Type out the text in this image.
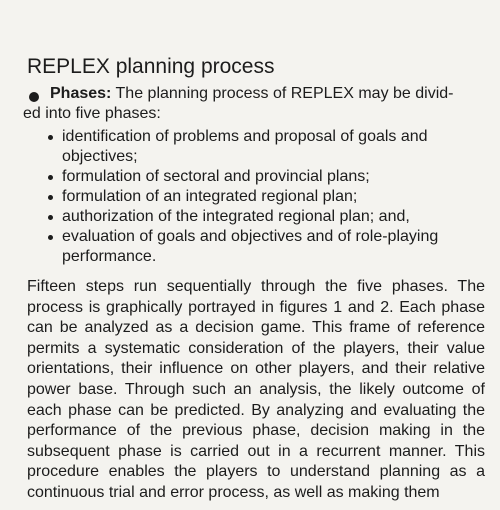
REPLEX planning process

Phases: The planning process of REPLEX may be divid-
ed into five phases:

identification of problems and proposal of goals and objectives;
formulation of sectoral and provincial plans;
formulation of an integrated regional plan;
authorization of the integrated regional plan; and,
evaluation of goals and objectives and of role-playing performance.

Fifteen steps run sequentially through the five phases. The process is graphically portrayed in figures 1 and 2. Each phase can be analyzed as a decision game. This frame of reference permits a systematic consideration of the players, their value orientations, their influence on other players, and their relative power base. Through such an analysis, the likely outcome of each phase can be predicted. By analyzing and evaluating the performance of the previous phase, decision making in the subsequent phase is carried out in a recurrent manner. This procedure enables the players to understand planning as a continuous trial and error process, as well as making them
